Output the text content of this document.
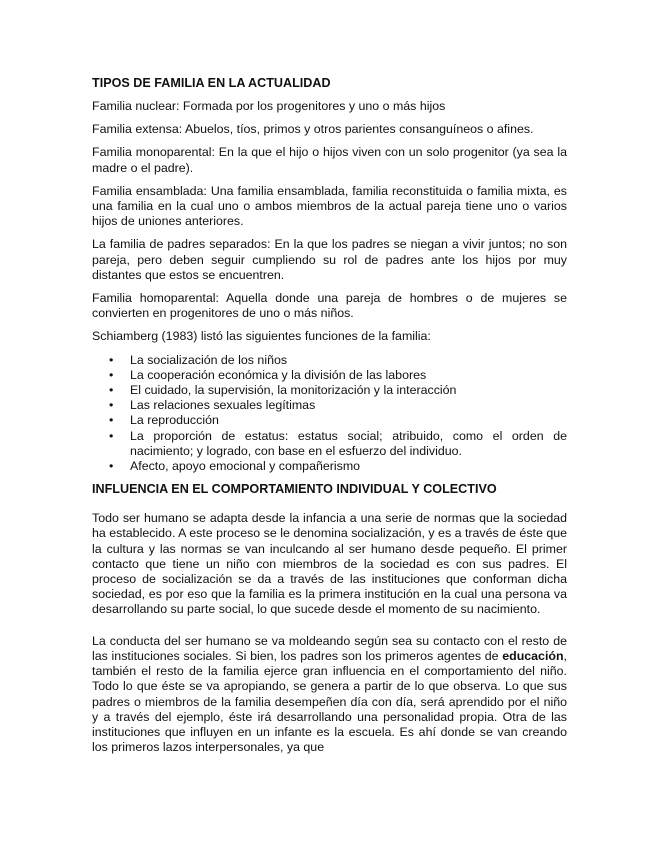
TIPOS DE FAMILIA EN LA ACTUALIDAD

Familia nuclear: Formada por los progenitores y uno o más hijos

Familia extensa: Abuelos, tíos, primos y otros parientes consanguíneos o afines.

Familia monoparental: En la que el hijo o hijos viven con un solo progenitor (ya sea la madre o el padre).

Familia ensamblada: Una familia ensamblada, familia reconstituida o familia mixta, es una familia en la cual uno o ambos miembros de la actual pareja tiene uno o varios hijos de uniones anteriores.

La familia de padres separados: En la que los padres se niegan a vivir juntos; no son pareja, pero deben seguir cumpliendo su rol de padres ante los hijos por muy distantes que estos se encuentren.

Familia homoparental: Aquella donde una pareja de hombres o de mujeres se convierten en progenitores de uno o más niños.

Schiamberg (1983) listó las siguientes funciones de la familia:

• La socialización de los niños
• La cooperación económica y la división de las labores
• El cuidado, la supervisión, la monitorización y la interacción
• Las relaciones sexuales legítimas
• La reproducción
• La proporción de estatus: estatus social; atribuido, como el orden de nacimiento; y logrado, con base en el esfuerzo del individuo.
• Afecto, apoyo emocional y compañerismo
INFLUENCIA EN EL COMPORTAMIENTO INDIVIDUAL Y COLECTIVO

Todo ser humano se adapta desde la infancia a una serie de normas que la sociedad ha establecido. A este proceso se le denomina socialización, y es a través de éste que la cultura y las normas se van inculcando al ser humano desde pequeño. El primer contacto que tiene un niño con miembros de la sociedad es con sus padres. El proceso de socialización se da a través de las instituciones que conforman dicha sociedad, es por eso que la familia es la primera institución en la cual una persona va desarrollando su parte social, lo que sucede desde el momento de su nacimiento.

La conducta del ser humano se va moldeando según sea su contacto con el resto de las instituciones sociales. Si bien, los padres son los primeros agentes de educación, también el resto de la familia ejerce gran influencia en el comportamiento del niño. Todo lo que éste se va apropiando, se genera a partir de lo que observa. Lo que sus padres o miembros de la familia desempeñen día con día, será aprendido por el niño y a través del ejemplo, éste irá desarrollando una personalidad propia. Otra de las instituciones que influyen en un infante es la escuela. Es ahí donde se van creando los primeros lazos interpersonales, ya que
